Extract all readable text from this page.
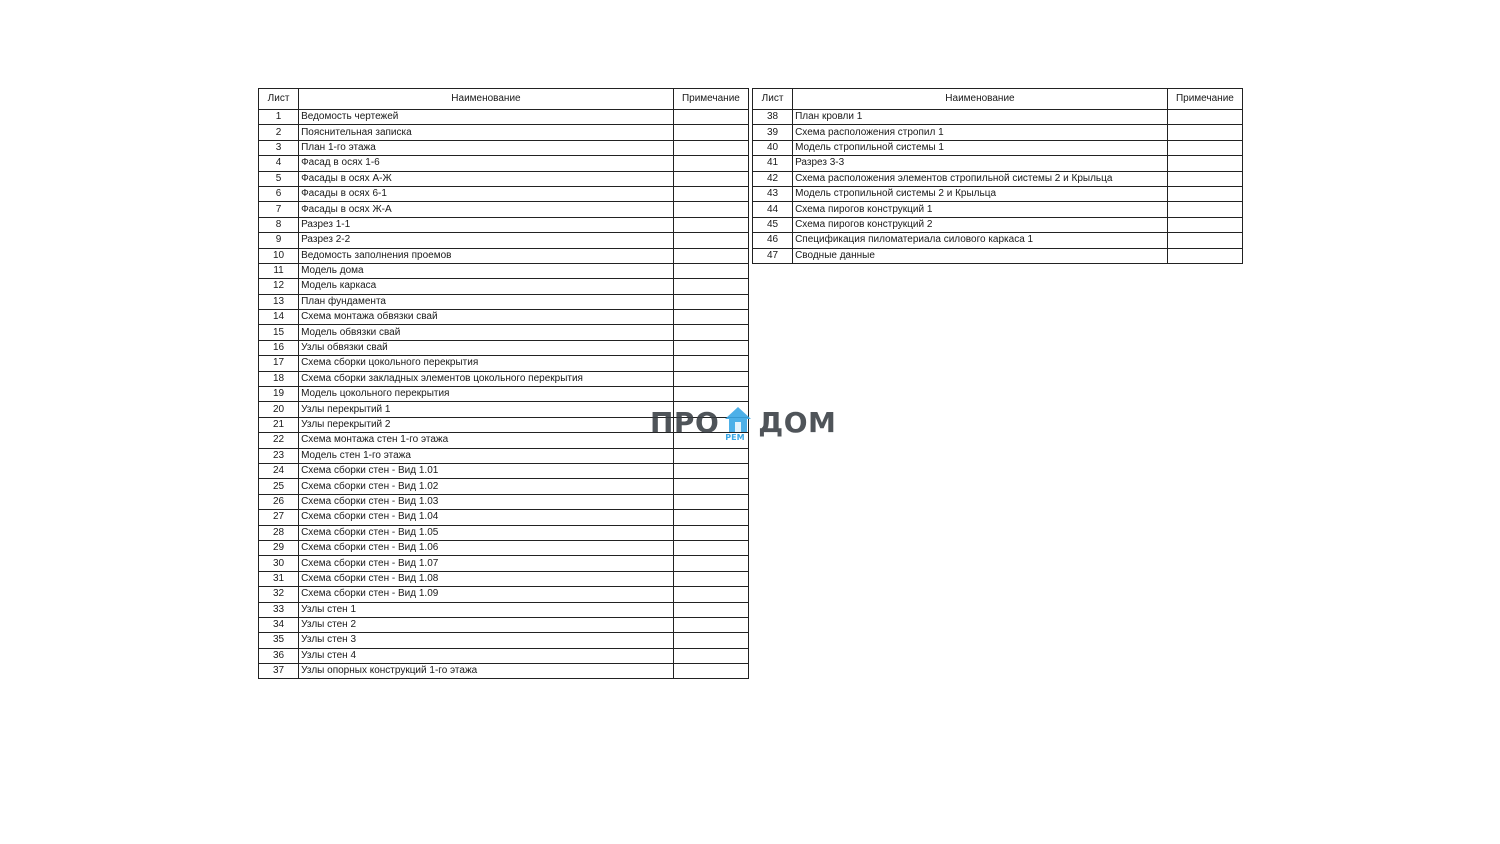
Лист	Наименование	Примечание
1	Ведомость чертежей	
2	Пояснительная записка	
3	План 1-го этажа	
4	Фасад в осях 1-6	
5	Фасады в осях А-Ж	
6	Фасады в осях 6-1	
7	Фасады в осях Ж-А	
8	Разрез 1-1	
9	Разрез 2-2	
10	Ведомость заполнения проемов	
11	Модель дома	
12	Модель каркаса	
13	План фундамента	
14	Схема монтажа обвязки свай	
15	Модель обвязки свай	
16	Узлы обвязки свай	
17	Схема сборки цокольного перекрытия	
18	Схема сборки закладных элементов цокольного перекрытия	
19	Модель цокольного перекрытия	
20	Узлы перекрытий 1	
21	Узлы перекрытий 2	
22	Схема монтажа стен 1-го этажа	
23	Модель стен 1-го этажа	
24	Схема сборки стен - Вид 1.01	
25	Схема сборки стен - Вид 1.02	
26	Схема сборки стен - Вид 1.03	
27	Схема сборки стен - Вид 1.04	
28	Схема сборки стен - Вид 1.05	
29	Схема сборки стен - Вид 1.06	
30	Схема сборки стен - Вид 1.07	
31	Схема сборки стен - Вид 1.08	
32	Схема сборки стен - Вид 1.09	
33	Узлы стен 1	
34	Узлы стен 2	
35	Узлы стен 3	
36	Узлы стен 4	
37	Узлы опорных конструкций 1-го этажа	
Лист	Наименование	Примечание
38	План кровли 1	
39	Схема расположения стропил 1	
40	Модель стропильной системы 1	
41	Разрез 3-3	
42	Схема расположения элементов стропильной системы 2 и Крыльца	
43	Модель стропильной системы 2 и Крыльца	
44	Схема пирогов конструкций 1	
45	Схема пирогов конструкций 2	
46	Спецификация пиломатериала силового каркаса 1	
47	Сводные данные	
ПРО РЕМ ДОМ
